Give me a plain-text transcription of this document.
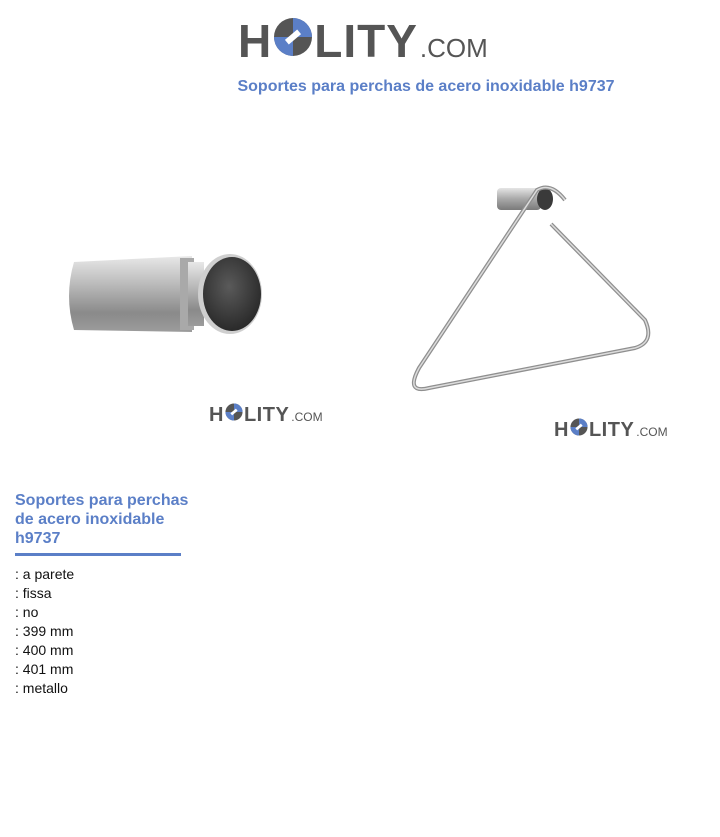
H LITY .COM
Soportes para perchas de acero inoxidable h9737
H LITY .COM
H LITY .COM
Soportes para perchas de acero inoxidable h9737
: a parete
: fissa
: no
: 399 mm
: 400 mm
: 401 mm
: metallo
